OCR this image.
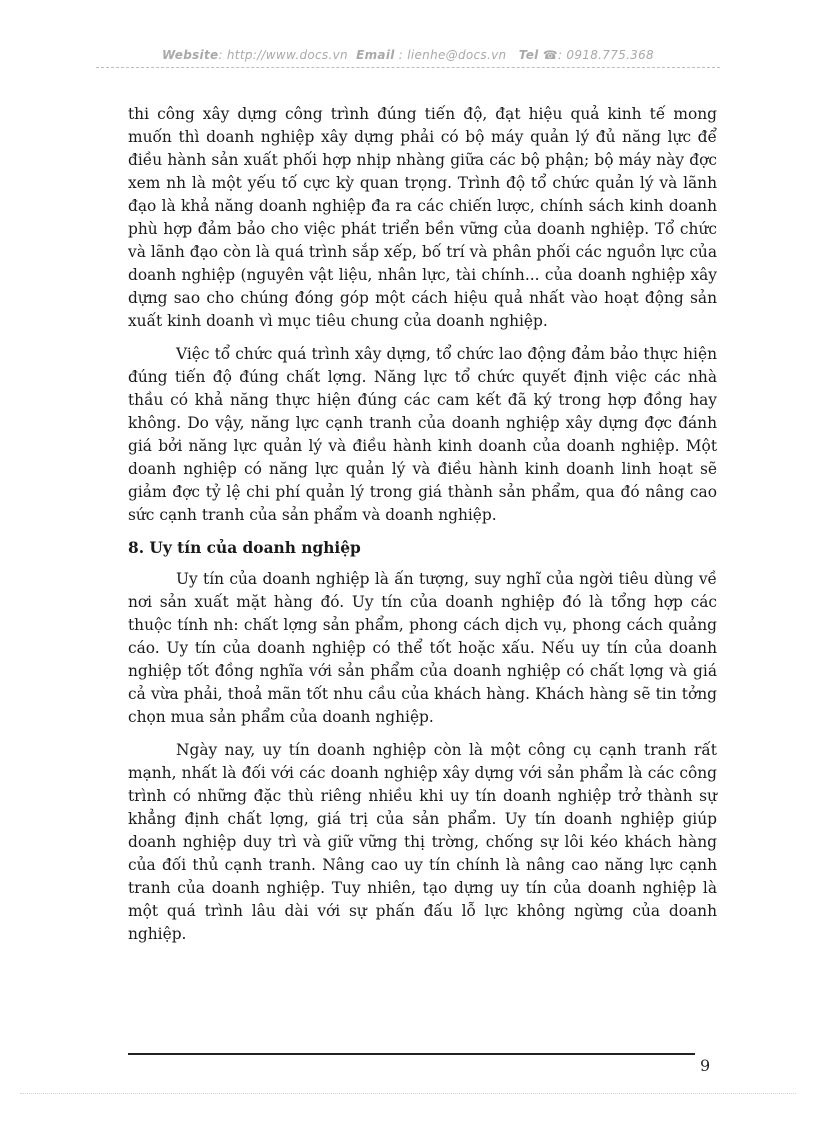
Website: http://www.docs.vn Email : lienhe@docs.vn Tel ☎: 0918.775.368

thi công xây dựng công trình đúng tiến độ, đạt hiệu quả kinh tế mong muốn thì doanh nghiệp xây dựng phải có bộ máy quản lý đủ năng lực để điều hành sản xuất phối hợp nhịp nhàng giữa các bộ phận; bộ máy này đợc xem nh là một yếu tố cực kỳ quan trọng. Trình độ tổ chức quản lý và lãnh đạo là khả năng doanh nghiệp đa ra các chiến lược, chính sách kinh doanh phù hợp đảm bảo cho việc phát triển bền vững của doanh nghiệp. Tổ chức và lãnh đạo còn là quá trình sắp xếp, bố trí và phân phối các nguồn lực của doanh nghiệp (nguyên vật liệu, nhân lực, tài chính... của doanh nghiệp xây dựng sao cho chúng đóng góp một cách hiệu quả nhất vào hoạt động sản xuất kinh doanh vì mục tiêu chung của doanh nghiệp.

Việc tổ chức quá trình xây dựng, tổ chức lao động đảm bảo thực hiện đúng tiến độ đúng chất lợng. Năng lực tổ chức quyết định việc các nhà thầu có khả năng thực hiện đúng các cam kết đã ký trong hợp đồng hay không. Do vậy, năng lực cạnh tranh của doanh nghiệp xây dựng đợc đánh giá bởi năng lực quản lý và điều hành kinh doanh của doanh nghiệp. Một doanh nghiệp có năng lực quản lý và điều hành kinh doanh linh hoạt sẽ giảm đợc tỷ lệ chi phí quản lý trong giá thành sản phẩm, qua đó nâng cao sức cạnh tranh của sản phẩm và doanh nghiệp.

8. Uy tín của doanh nghiệp

Uy tín của doanh nghiệp là ấn tượng, suy nghĩ của ngời tiêu dùng về nơi sản xuất mặt hàng đó. Uy tín của doanh nghiệp đó là tổng hợp các thuộc tính nh: chất lợng sản phẩm, phong cách dịch vụ, phong cách quảng cáo. Uy tín của doanh nghiệp có thể tốt hoặc xấu. Nếu uy tín của doanh nghiệp tốt đồng nghĩa với sản phẩm của doanh nghiệp có chất lợng và giá cả vừa phải, thoả mãn tốt nhu cầu của khách hàng. Khách hàng sẽ tin tởng chọn mua sản phẩm của doanh nghiệp.

Ngày nay, uy tín doanh nghiệp còn là một công cụ cạnh tranh rất mạnh, nhất là đối với các doanh nghiệp xây dựng với sản phẩm là các công trình có những đặc thù riêng nhiều khi uy tín doanh nghiệp trở thành sự khẳng định chất lợng, giá trị của sản phẩm. Uy tín doanh nghiệp giúp doanh nghiệp duy trì và giữ vững thị trờng, chống sự lôi kéo khách hàng của đối thủ cạnh tranh. Nâng cao uy tín chính là nâng cao năng lực cạnh tranh của doanh nghiệp. Tuy nhiên, tạo dựng uy tín của doanh nghiệp là một quá trình lâu dài với sự phấn đấu lỗ lực không ngừng của doanh nghiệp.

9
